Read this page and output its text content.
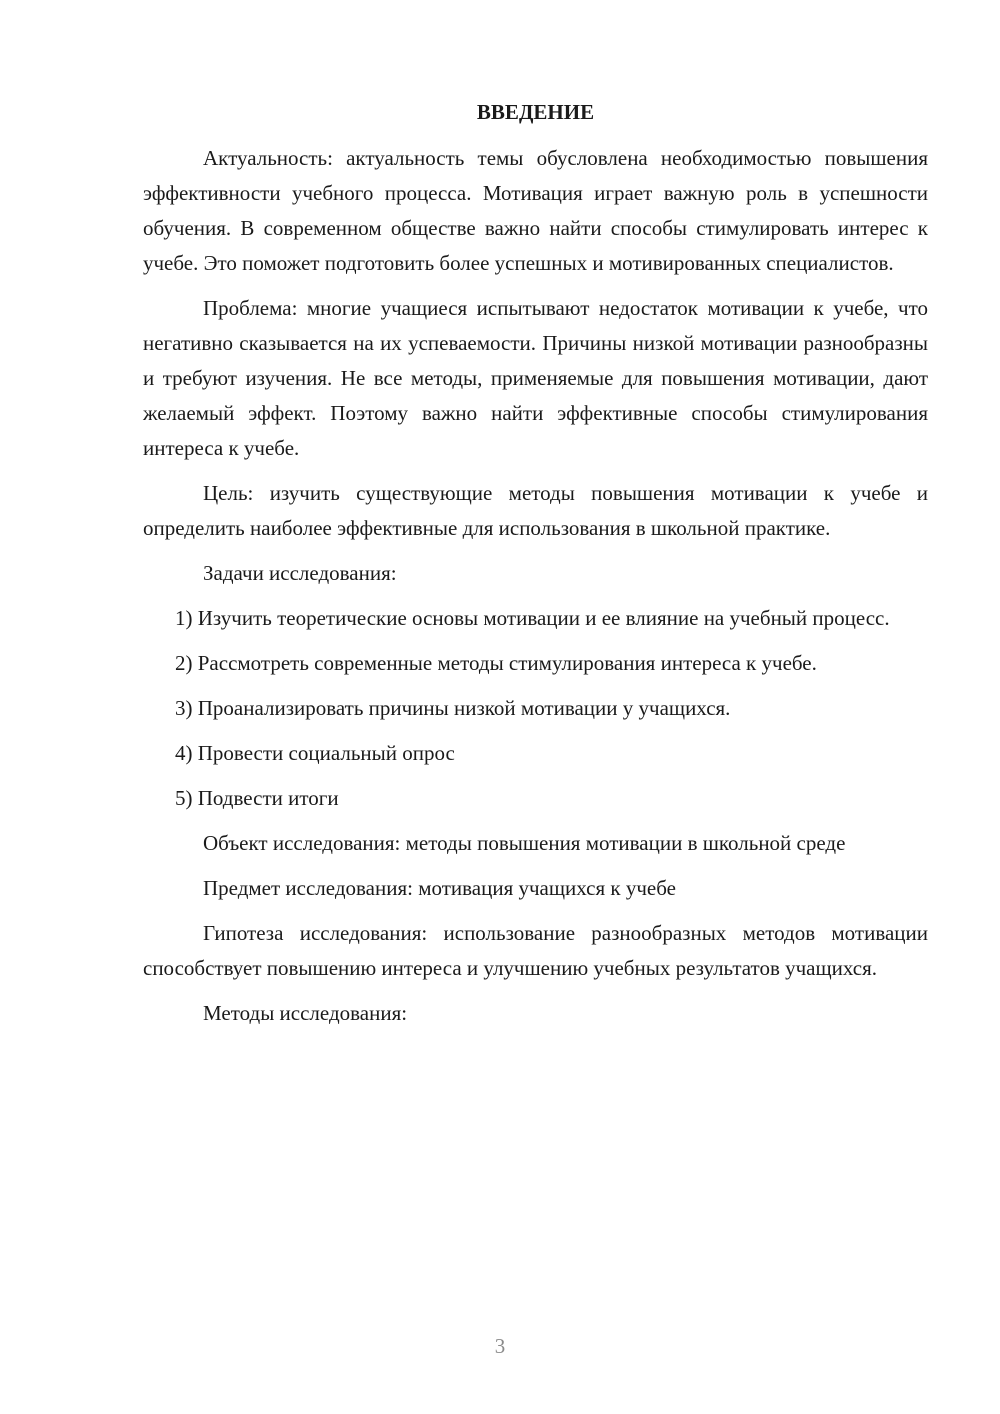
ВВЕДЕНИЕ
Актуальность: актуальность темы обусловлена необходимостью повышения эффективности учебного процесса. Мотивация играет важную роль в успешности обучения. В современном обществе важно найти способы стимулировать интерес к учебе. Это поможет подготовить более успешных и мотивированных специалистов.
Проблема: многие учащиеся испытывают недостаток мотивации к учебе, что негативно сказывается на их успеваемости. Причины низкой мотивации разнообразны и требуют изучения. Не все методы, применяемые для повышения мотивации, дают желаемый эффект. Поэтому важно найти эффективные способы стимулирования интереса к учебе.
Цель: изучить существующие методы повышения мотивации к учебе и определить наиболее эффективные для использования в школьной практике.
Задачи исследования:
1) Изучить теоретические основы мотивации и ее влияние на учебный процесс.
2) Рассмотреть современные методы стимулирования интереса к учебе.
3) Проанализировать причины низкой мотивации у учащихся.
4) Провести социальный опрос
5) Подвести итоги
Объект исследования: методы повышения мотивации в школьной среде
Предмет исследования: мотивация учащихся к учебе
Гипотеза исследования: использование разнообразных методов мотивации способствует повышению интереса и улучшению учебных результатов учащихся.
Методы исследования:
3
